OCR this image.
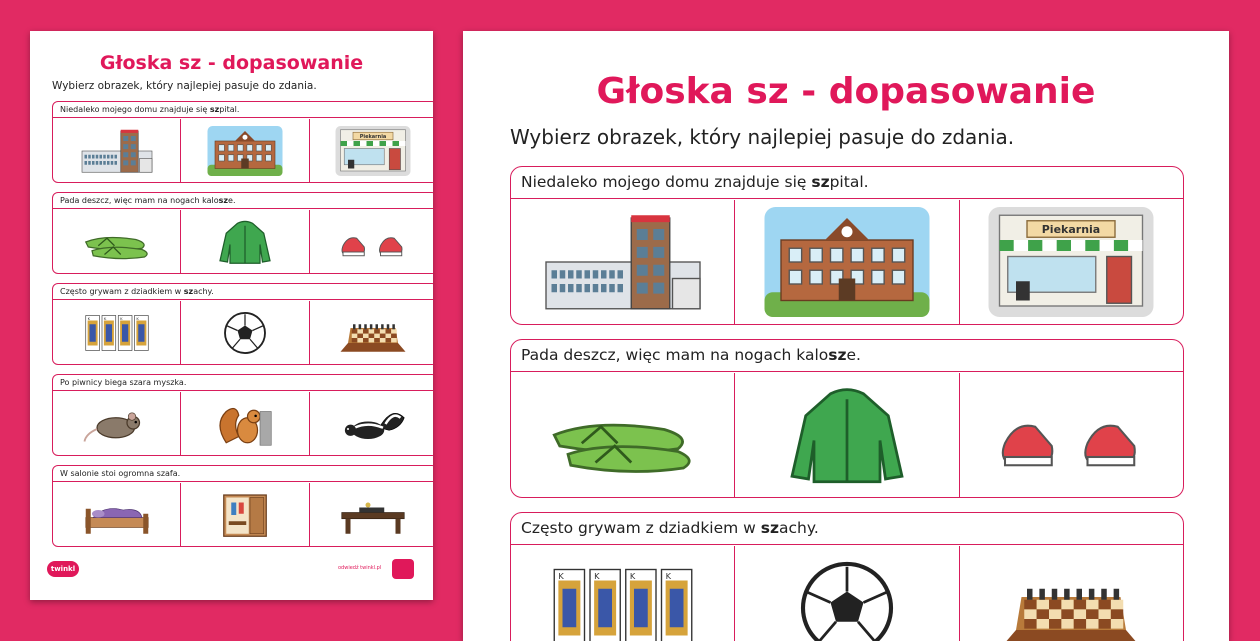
Głoska sz - dopasowanie

Wybierz obrazek, który najlepiej pasuje do zdania.

Niedaleko mojego domu znajduje się szpital.
Piekarnia
Pada deszcz, więc mam na nogach kalosze.
Często grywam z dziadkiem w szachy.
K K K K
Po piwnicy biega szara myszka.
W salonie stoi ogromna szafa.
twinkl	odwiedź twinkl.pl
Głoska sz - dopasowanie

Wybierz obrazek, który najlepiej pasuje do zdania.

Niedaleko mojego domu znajduje się szpital.
Piekarnia
Pada deszcz, więc mam na nogach kalosze.
Często grywam z dziadkiem w szachy.
K	K	K	K
